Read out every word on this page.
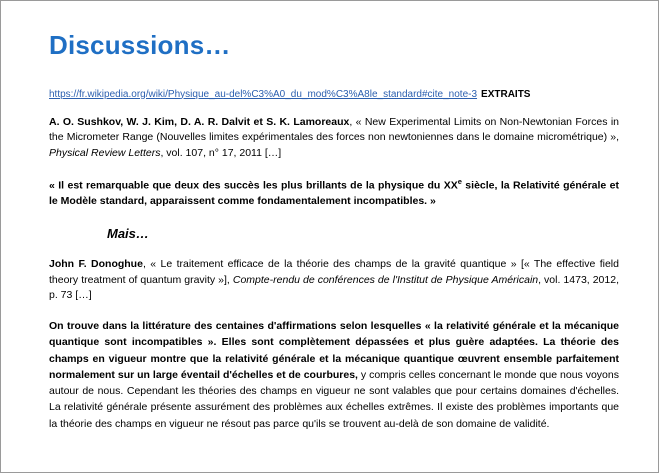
Discussions…
https://fr.wikipedia.org/wiki/Physique_au-del%C3%A0_du_mod%C3%A8le_standard#cite_note-3 EXTRAITS

A. O. Sushkov, W. J. Kim, D. A. R. Dalvit et S. K. Lamoreaux, « New Experimental Limits on Non-Newtonian Forces in the Micrometer Range (Nouvelles limites expérimentales des forces non newtoniennes dans le domaine micrométrique) », Physical Review Letters, vol. 107, n° 17, 2011 […]

« Il est remarquable que deux des succès les plus brillants de la physique du XXe siècle, la Relativité générale et le Modèle standard, apparaissent comme fondamentalement incompatibles. »

Mais…

John F. Donoghue, « Le traitement efficace de la théorie des champs de la gravité quantique » [« The effective field theory treatment of quantum gravity »], Compte-rendu de conférences de l'Institut de Physique Américain, vol. 1473, 2012, p. 73 […]

On trouve dans la littérature des centaines d'affirmations selon lesquelles « la relativité générale et la mécanique quantique sont incompatibles ». Elles sont complètement dépassées et plus guère adaptées. La théorie des champs en vigueur montre que la relativité générale et la mécanique quantique œuvrent ensemble parfaitement normalement sur un large éventail d'échelles et de courbures, y compris celles concernant le monde que nous voyons autour de nous. Cependant les théories des champs en vigueur ne sont valables que pour certains domaines d'échelles. La relativité générale présente assurément des problèmes aux échelles extrêmes. Il existe des problèmes importants que la théorie des champs en vigueur ne résout pas parce qu'ils se trouvent au-delà de son domaine de validité.
